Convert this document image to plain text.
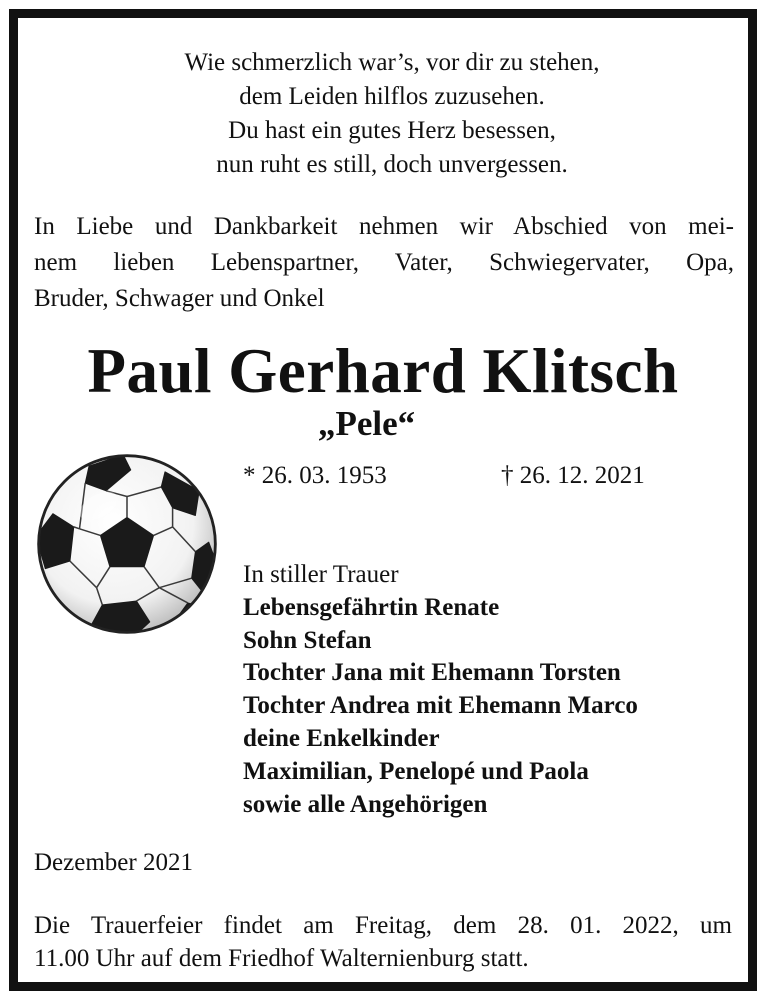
Wie schmerzlich war’s, vor dir zu stehen,
dem Leiden hilflos zuzusehen.
Du hast ein gutes Herz besessen,
nun ruht es still, doch unvergessen.
In Liebe und Dankbarkeit nehmen wir Abschied von mei-
nem lieben Lebenspartner, Vater, Schwiegervater, Opa,
Bruder, Schwager und Onkel
Paul Gerhard Klitsch
„Pele“
* 26. 03. 1953	† 26. 12. 2021
In stiller Trauer
Lebensgefährtin Renate
Sohn Stefan
Tochter Jana mit Ehemann Torsten
Tochter Andrea mit Ehemann Marco
deine Enkelkinder
Maximilian, Penelopé und Paola
sowie alle Angehörigen
Dezember 2021
Die Trauerfeier findet am Freitag, dem 28. 01. 2022, um
11.00 Uhr auf dem Friedhof Walternienburg statt.
